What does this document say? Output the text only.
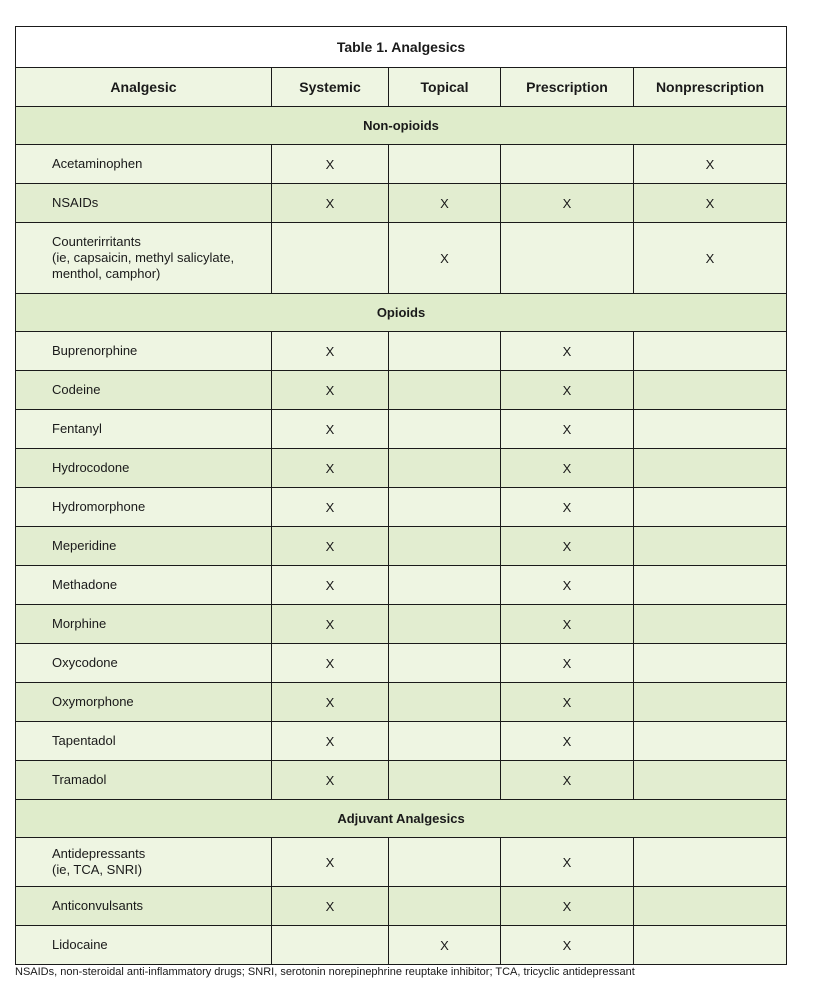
Table 1. Analgesics				
Analgesic	Systemic	Topical	Prescription	Nonprescription
Non-opioids				
Acetaminophen	X			X
NSAIDs	X	X	X	X
Counterirritants
(ie, capsaicin, methyl salicylate,
menthol, camphor)		X		X
Opioids				
Buprenorphine	X		X	
Codeine	X		X	
Fentanyl	X		X	
Hydrocodone	X		X	
Hydromorphone	X		X	
Meperidine	X		X	
Methadone	X		X	
Morphine	X		X	
Oxycodone	X		X	
Oxymorphone	X		X	
Tapentadol	X		X	
Tramadol	X		X	
Adjuvant Analgesics				
Antidepressants
(ie, TCA, SNRI)	X		X	
Anticonvulsants	X		X	
Lidocaine		X	X	
NSAIDs, non-steroidal anti-inflammatory drugs; SNRI, serotonin norepinephrine reuptake inhibitor; TCA, tricyclic antidepressant
